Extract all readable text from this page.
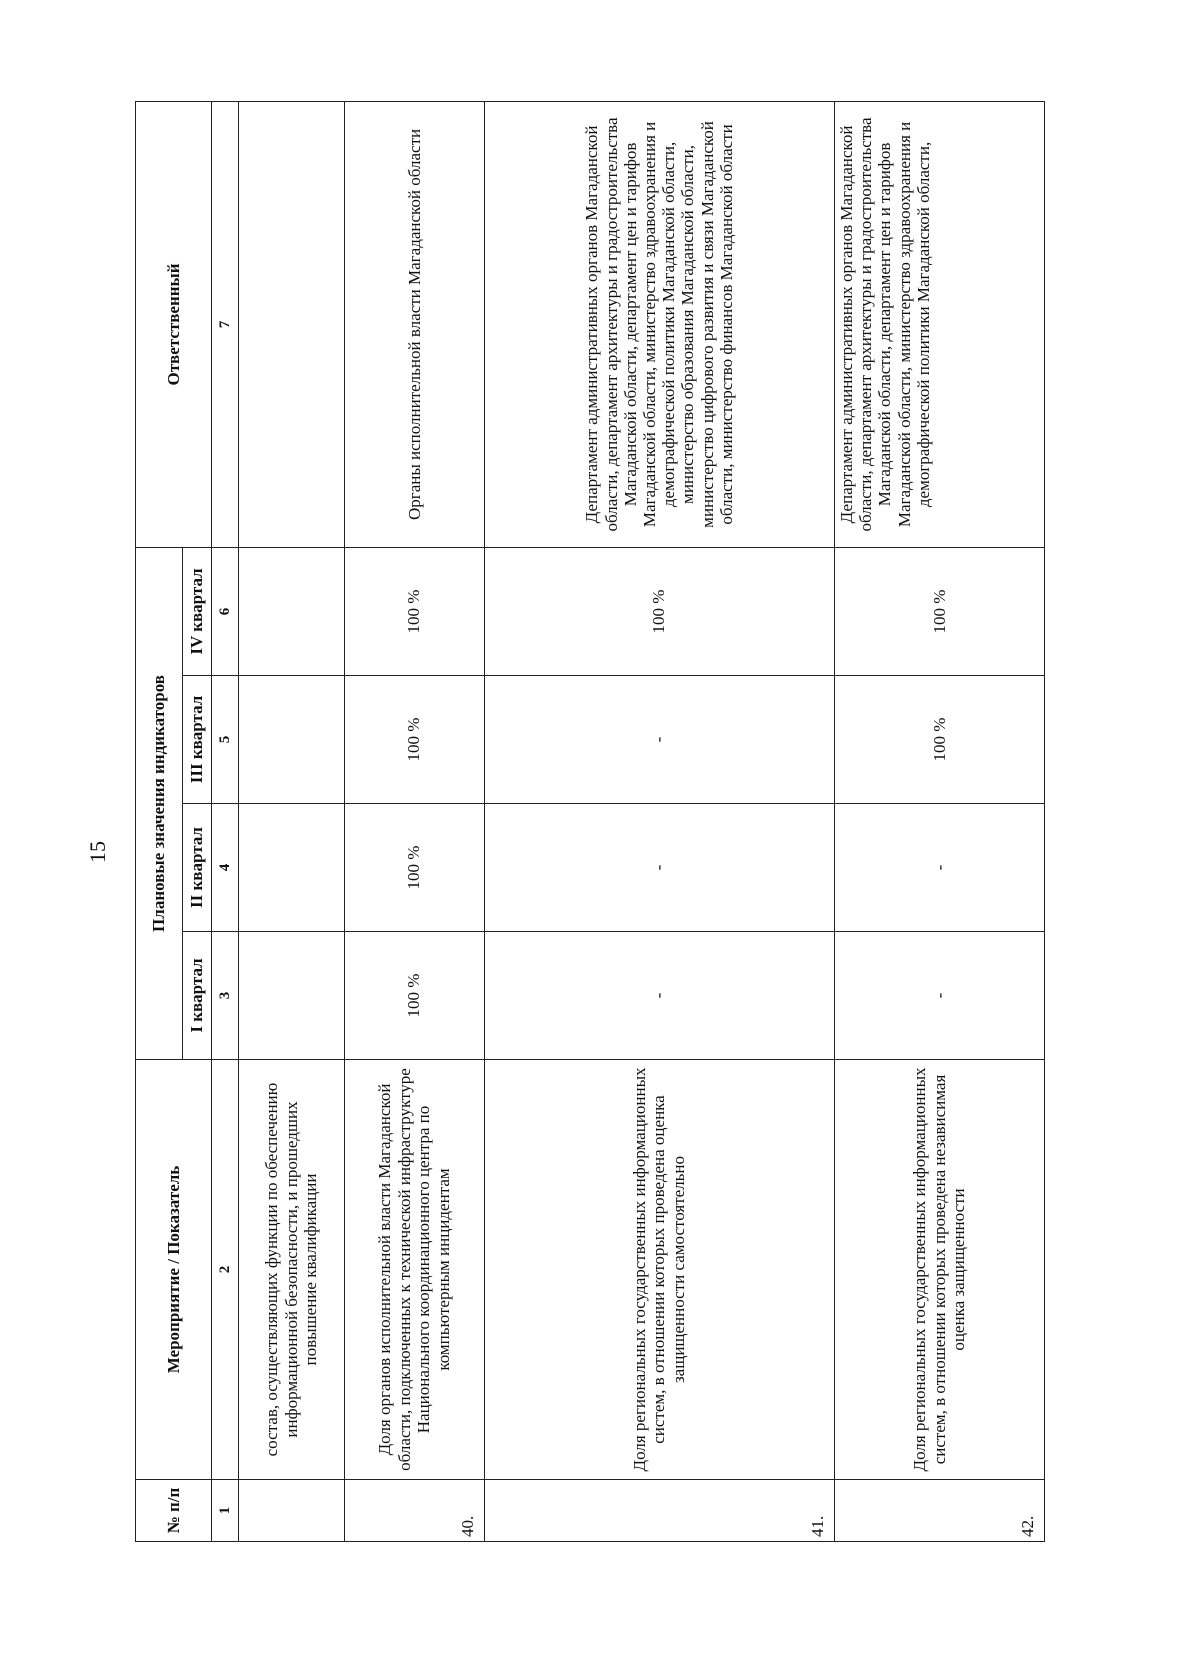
15
№ п/п	Мероприятие / Показатель	Плановые значения индикаторов				Ответственный
		I квартал	II квартал	III квартал	IV квартал	
1	2	3	4	5	6	7
	состав, осуществляющих функции по обеспечению информационной безопасности, и прошедших повышение квалификации					
40.	Доля органов исполнительной власти Магаданской области, подключенных к технической инфраструктуре Национального координационного центра по компьютерным инцидентам	100 %	100 %	100 %	100 %	Органы исполнительной власти Магаданской области
41.	Доля региональных государственных информационных систем, в отношении которых проведена оценка защищенности самостоятельно	-	-	-	100 %	Департамент административных органов Магаданской области, департамент архитектуры и градостроительства Магаданской области, департамент цен и тарифов Магаданской области, министерство здравоохранения и демографической политики Магаданской области, министерство образования Магаданской области, министерство цифрового развития и связи Магаданской области, министерство финансов Магаданской области
42.	Доля региональных государственных информационных систем, в отношении которых проведена независимая оценка защищенности	-	-	100 %	100 %	Департамент административных органов Магаданской области, департамент архитектуры и градостроительства Магаданской области, департамент цен и тарифов Магаданской области, министерство здравоохранения и демографической политики Магаданской области,
